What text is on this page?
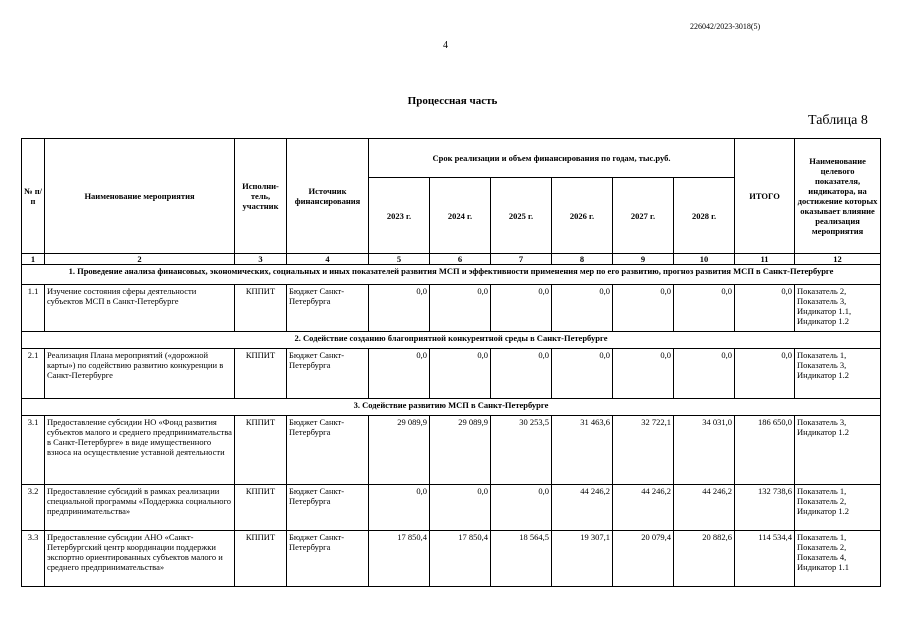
226042/2023-3018(5)
4
Процессная часть
Таблица 8
№ п/п	Наименование мероприятия	Исполни- тель, участник	Источник финансирования	Срок реализации и объем финансирования по годам, тыс.руб.						ИТОГО	Наименование целевого показателя, индикатора, на достижение которых оказывает влияние реализация мероприятия
				2023 г.	2024 г.	2025 г.	2026 г.	2027 г.	2028 г.		
1	2	3	4	5	6	7	8	9	10	11	12
1. Проведение анализа финансовых, экономических, социальных и иных показателей развития МСП и эффективности применения мер по его развитию, прогноз развития МСП в Санкт-Петербурге											
1.1	Изучение состояния сферы деятельности субъектов МСП в Санкт-Петербурге	КППИТ	Бюджет Санкт-Петербурга	0,0	0,0	0,0	0,0	0,0	0,0	0,0	Показатель 2,
Показатель 3,
Индикатор 1.1,
Индикатор 1.2

2. Содействие созданию благоприятной конкурентной среды в Санкт-Петербурге											
2.1	Реализация Плана мероприятий («дорожной карты») по содействию развитию конкуренции в Санкт-Петербурге	КППИТ	Бюджет Санкт-Петербурга	0,0	0,0	0,0	0,0	0,0	0,0	0,0	Показатель 1,
Показатель 3,
Индикатор 1.2

3. Содействие развитию МСП в Санкт-Петербурге											
3.1	Предоставление субсидии НО «Фонд развития субъектов малого и среднего предпринимательства в Санкт-Петербурге» в виде имущественного взноса на осуществление уставной деятельности	КППИТ	Бюджет Санкт-Петербурга	29 089,9	29 089,9	30 253,5	31 463,6	32 722,1	34 031,0	186 650,0	Показатель 3,
Индикатор 1.2

3.2	Предоставление субсидий в рамках реализации специальной программы «Поддержка социального предпринимательства»	КППИТ	Бюджет Санкт-Петербурга	0,0	0,0	0,0	44 246,2	44 246,2	44 246,2	132 738,6	Показатель 1,
Показатель 2,
Индикатор 1.2

3.3	Предоставление субсидии АНО «Санкт-Петербургский центр координации поддержки экспортно ориентированных субъектов малого и среднего предпринимательства»	КППИТ	Бюджет Санкт-Петербурга	17 850,4	17 850,4	18 564,5	19 307,1	20 079,4	20 882,6	114 534,4	Показатель 1,
Показатель 2,
Показатель 4,
Индикатор 1.1
